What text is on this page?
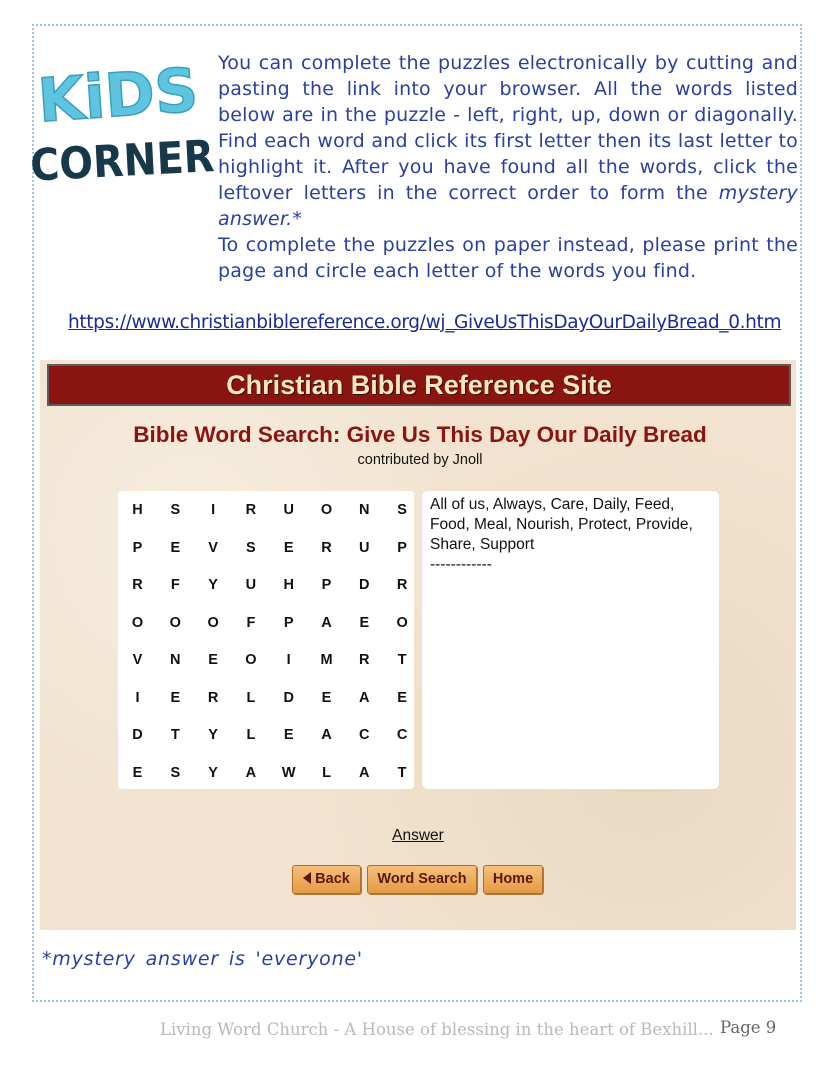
KiDS
CORNER

You can complete the puzzles electronically by cutting and pasting the link into your browser. All the words listed below are in the puzzle - left, right, up, down or diagonally. Find each word and click its first letter then its last letter to highlight it. After you have found all the words, click the leftover letters in the correct order to form the mystery answer.*

To complete the puzzles on paper instead, please print the page and circle each letter of the words you find.

https://www.christianbiblereference.org/wj_GiveUsThisDayOurDailyBread_0.htm
Christian Bible Reference Site
Bible Word Search: Give Us This Day Our Daily Bread
contributed by Jnoll
H	S	I	R	U	O	N	S
P	E	V	S	E	R	U	P
R	F	Y	U	H	P	D	R
O	O	O	F	P	A	E	O
V	N	E	O	I	M	R	T
I	E	R	L	D	E	A	E
D	T	Y	L	E	A	C	C
E	S	Y	A	W	L	A	T
All of us, Always, Care, Daily, Feed, Food, Meal, Nourish, Protect, Provide, Share, Support
------------
Answer
Back	Word Search	Home
*mystery answer is 'everyone'
Living Word Church - A House of blessing in the heart of Bexhill... Page 9
